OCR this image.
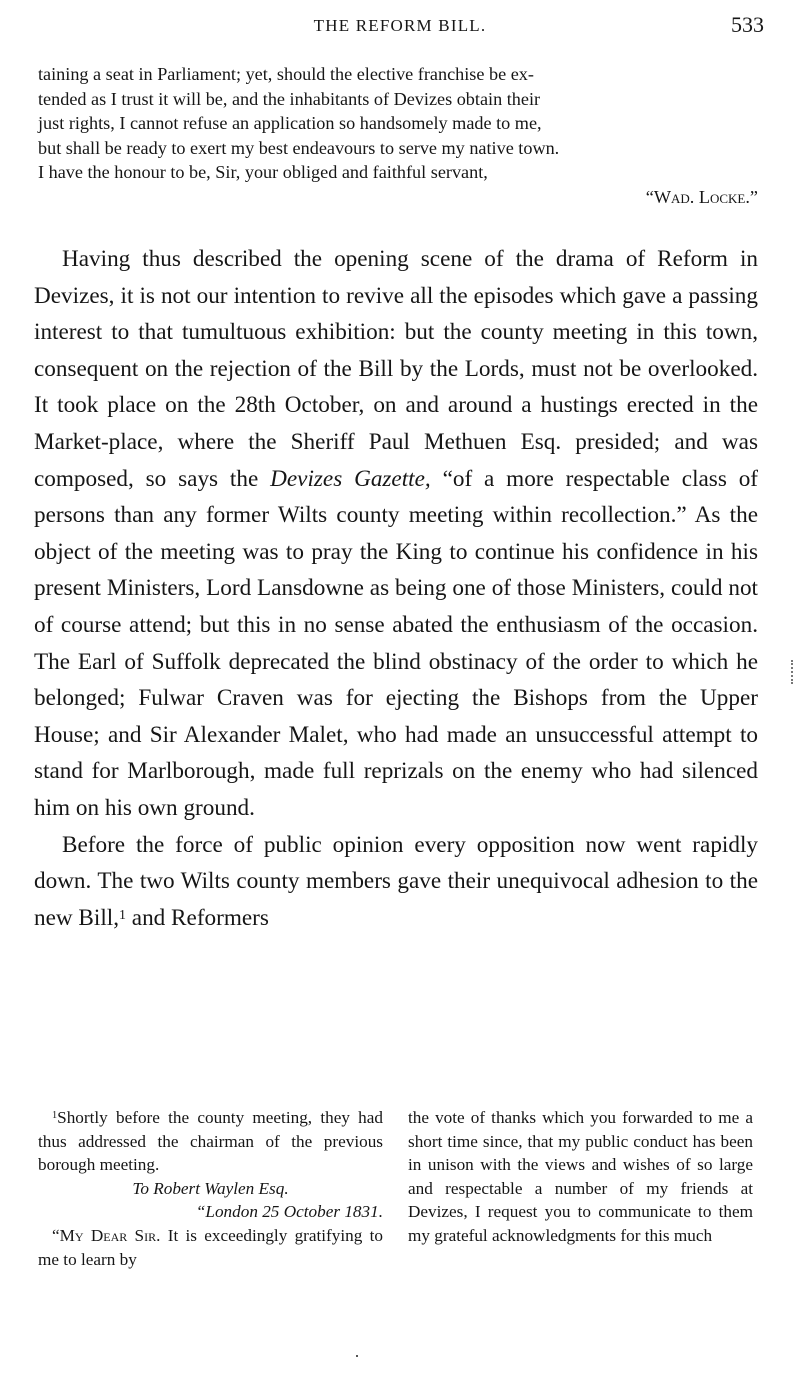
THE REFORM BILL.	533
taining a seat in Parliament; yet, should the elective franchise be ex-
tended as I trust it will be, and the inhabitants of Devizes obtain their
just rights, I cannot refuse an application so handsomely made to me,
but shall be ready to exert my best endeavours to serve my native town.
I have the honour to be, Sir, your obliged and faithful servant,
“Wad. Locke.”

Having thus described the opening scene of the drama of Reform in Devizes, it is not our intention to revive all the episodes which gave a passing interest to that tumultuous exhibition: but the county meeting in this town, consequent on the rejection of the Bill by the Lords, must not be overlooked. It took place on the 28th October, on and around a hustings erected in the Market-place, where the Sheriff Paul Methuen Esq. presided; and was composed, so says the Devizes Gazette, “of a more respectable class of persons than any former Wilts county meeting within recollection.” As the object of the meeting was to pray the King to continue his confidence in his present Ministers, Lord Lansdowne as being one of those Ministers, could not of course attend; but this in no sense abated the enthusiasm of the occasion. The Earl of Suffolk deprecated the blind obstinacy of the order to which he belonged; Fulwar Craven was for ejecting the Bishops from the Upper House; and Sir Alexander Malet, who had made an unsuccessful attempt to stand for Marlborough, made full reprizals on the enemy who had silenced him on his own ground.

Before the force of public opinion every opposition now went rapidly down. The two Wilts county members gave their unequivocal adhesion to the new Bill,$^1$ and Reformers

$^1$Shortly before the county meeting, they had thus addressed the chairman of the previous borough meeting.

To Robert Waylen Esq.

“London 25 October 1831.

“My Dear Sir. It is exceedingly gratifying to me to learn by

the vote of thanks which you forwarded to me a short time since, that my public conduct has been in unison with the views and wishes of so large and respectable a number of my friends at Devizes, I request you to communicate to them my grateful acknowledgments for this much
